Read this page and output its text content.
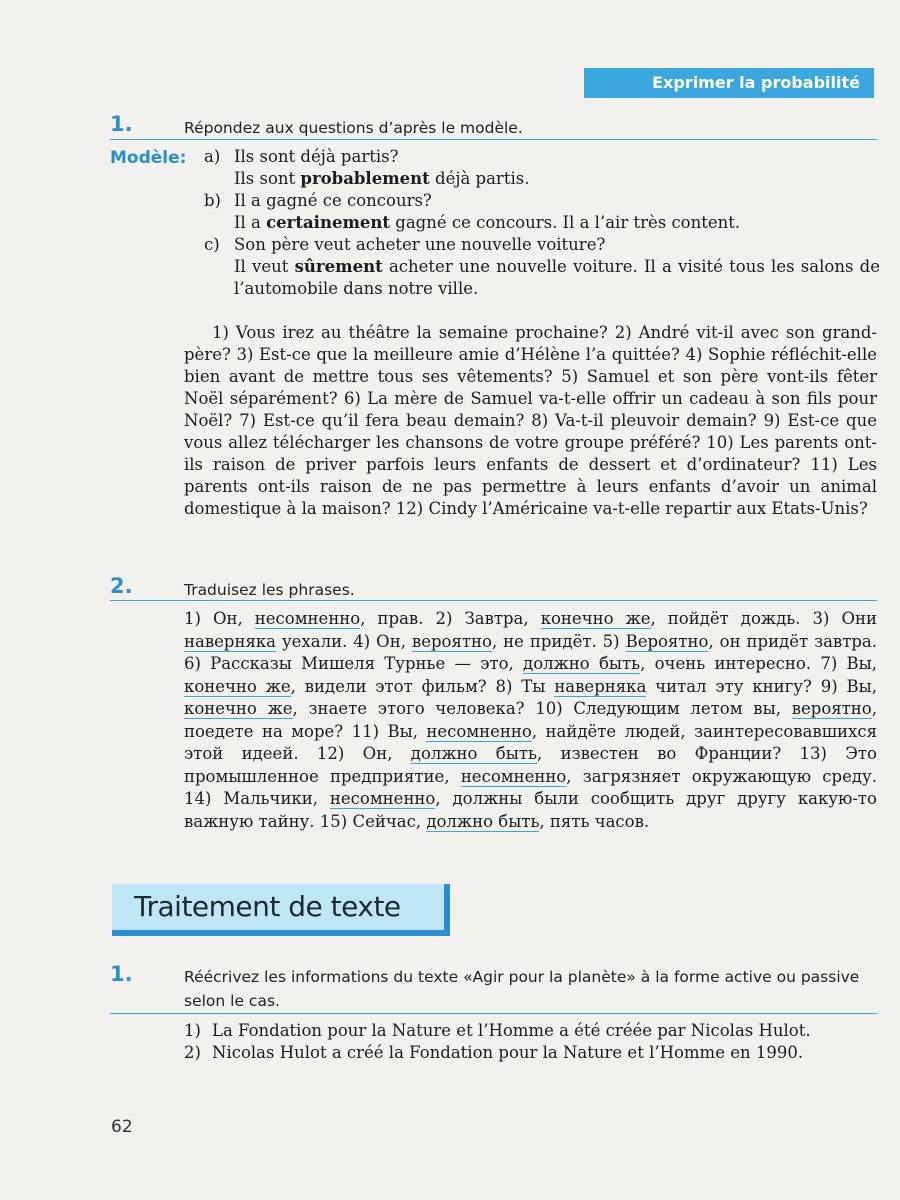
Exprimer la probabilité
1.	Répondez aux questions d’après le modèle.
Modèle: a) Ils sont déjà partis?
Ils sont probablement déjà partis.
b) Il a gagné ce concours?
Il a certainement gagné ce concours. Il a l’air très content.
c) Son père veut acheter une nouvelle voiture?
Il veut sûrement acheter une nouvelle voiture. Il a visité tous les salons de l’automobile dans notre ville.
1) Vous irez au théâtre la semaine prochaine? 2) André vit-il avec son grand-père? 3) Est-ce que la meilleure amie d’Hélène l’a quittée? 4) Sophie réfléchit-elle bien avant de mettre tous ses vêtements? 5) Samuel et son père vont-ils fêter Noël séparément? 6) La mère de Samuel va-t-elle offrir un cadeau à son fils pour Noël? 7) Est-ce qu’il fera beau demain? 8) Va-t-il pleuvoir demain? 9) Est-ce que vous allez télécharger les chansons de votre groupe préféré? 10) Les parents ont-ils raison de priver parfois leurs enfants de dessert et d’ordinateur? 11) Les parents ont-ils raison de ne pas permettre à leurs enfants d’avoir un animal domestique à la maison? 12) Cindy l’Américaine va-t-elle repartir aux Etats-Unis?
2.	Traduisez les phrases.
1) Он, несомненно, прав. 2) Завтра, конечно же, пойдёт дождь. 3) Они наверняка уехали. 4) Он, вероятно, не придёт. 5) Вероятно, он придёт завтра. 6) Рассказы Мишеля Турнье — это, должно быть, очень интересно. 7) Вы, конечно же, видели этот фильм? 8) Ты наверняка читал эту книгу? 9) Вы, конечно же, знаете этого человека? 10) Следующим летом вы, вероятно, поедете на море? 11) Вы, несомненно, найдёте людей, заинтересовавшихся этой идеей. 12) Он, должно быть, известен во Франции? 13) Это промышленное предприятие, несомненно, загрязняет окружающую среду. 14) Мальчики, несомненно, должны были сообщить друг другу какую-то важную тайну. 15) Сейчас, должно быть, пять часов.
Traitement de texte
1.	Réécrivez les informations du texte «Agir pour la planète» à la forme active ou passive selon le cas.
1) La Fondation pour la Nature et l’Homme a été créée par Nicolas Hulot.
2) Nicolas Hulot a créé la Fondation pour la Nature et l’Homme en 1990.
62
